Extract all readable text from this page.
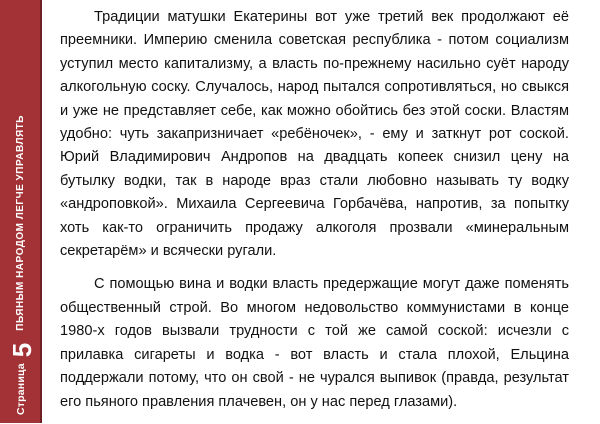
Страница
5
ПЬЯНЫМ НАРОДОМ ЛЕГЧЕ УПРАВЛЯТЬ

Традиции матушки Екатерины вот уже третий век продолжают её преемники. Империю сменила советская республика - потом социализм уступил место капитализму, а власть по-прежнему насильно суёт народу алкогольную соску. Случалось, народ пытался сопротивляться, но свыкся и уже не представляет себе, как можно обойтись без этой соски. Властям удобно: чуть закапризничает «ребёночек», - ему и заткнут рот соской. Юрий Владимирович Андропов на двадцать копеек снизил цену на бутылку водки, так в народе враз стали любовно называть ту водку «андроповкой». Михаила Сергеевича Горбачёва, напротив, за попытку хоть как-то ограничить продажу алкоголя прозвали «минеральным секретарём» и всячески ругали.

С помощью вина и водки власть предержащие могут даже поменять общественный строй. Во многом недовольство коммунистами в конце 1980-х годов вызвали трудности с той же самой соской: исчезли с прилавка сигареты и водка - вот власть и стала плохой, Ельцина поддержали потому, что он свой - не чурался выпивок (правда, результат его пьяного правления плачевен, он у нас перед глазами).
